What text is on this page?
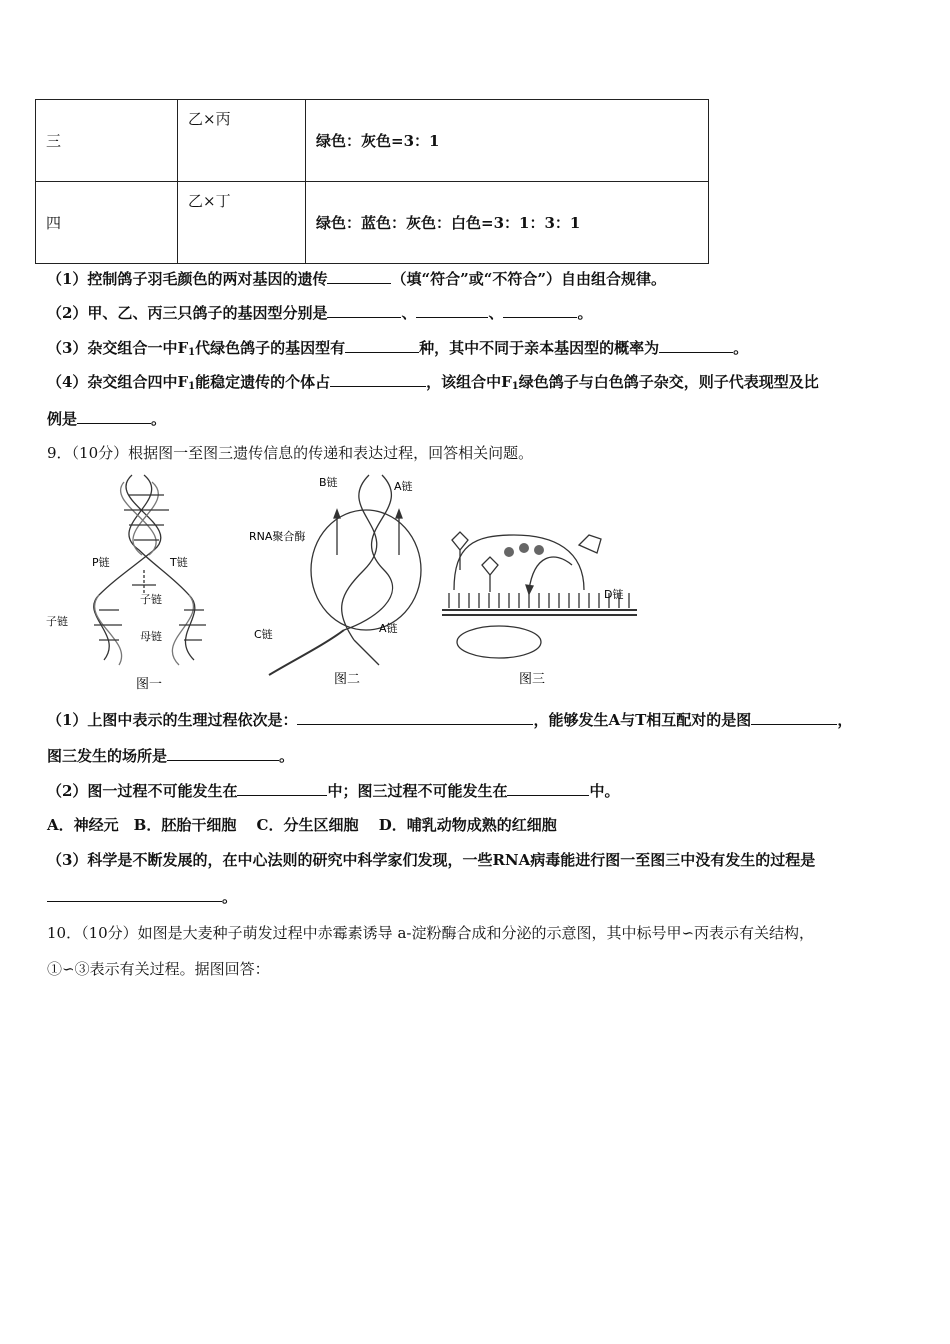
三	乙×丙	绿色：灰色=3：1
四	乙×丁	绿色：蓝色：灰色：白色=3：1：3：1
（1）控制鸽子羽毛颜色的两对基因的遗传	（填“符合”或“不符合”）自由组合规律。
（2）甲、乙、丙三只鸽子的基因型分别是	、	、	。
（3）杂交组合一中$F_1$代绿色鸽子的基因型有	种，其中不同于亲本基因型的概率为	。
（4）杂交组合四中$F_1$能稳定遗传的个体占	，该组合中$F_1$绿色鸽子与白色鸽子杂交，则子代表现型及比
例是	。
9．（10分）根据图一至图三遗传信息的传递和表达过程，回答相关问题。
P链	T链
子链
子链
母链
图一
B链	A链
RNA聚合酶
A链
C链
图二
D链
图三
（1）上图中表示的生理过程依次是：	，能够发生A与T相互配对的是图	，
图三发生的场所是	。
（2）图一过程不可能发生在	中；图三过程不可能发生在	中。
A．神经元　B．胚胎干细胞　 C．分生区细胞　 D．哺乳动物成熟的红细胞
（3）科学是不断发展的，在中心法则的研究中科学家们发现，一些RNA病毒能进行图一至图三中没有发生的过程是
。
10．（10分）如图是大麦种子萌发过程中赤霉素诱导 a-淀粉酶合成和分泌的示意图，其中标号甲∽丙表示有关结构，
①∽③表示有关过程。据图回答：
